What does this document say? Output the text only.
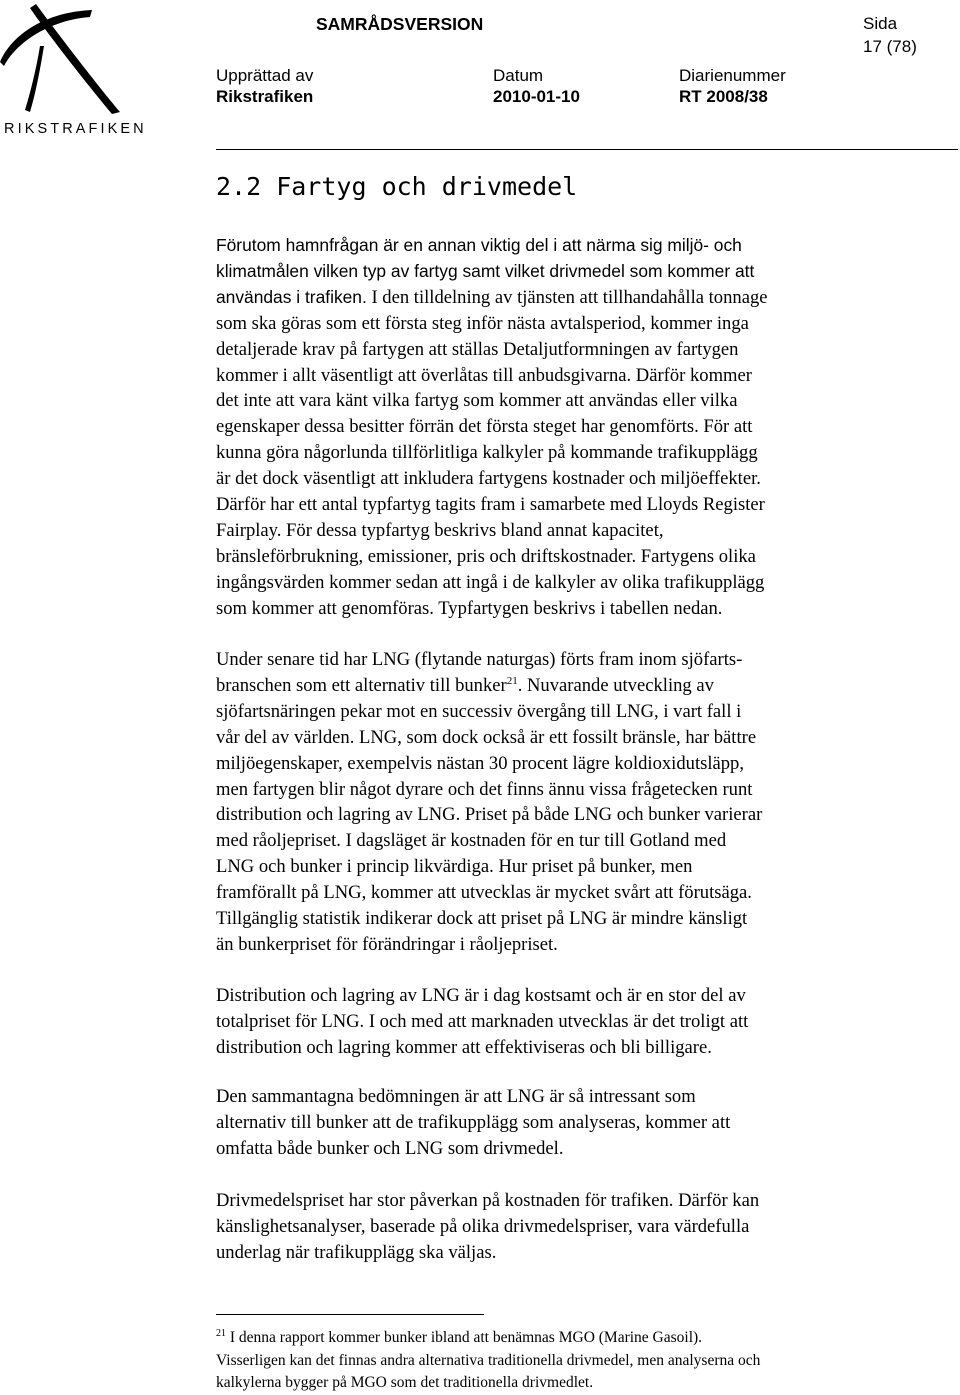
RIKSTRAFIKEN
SAMRÅDSVERSION	Sida
17 (78)
Upprättad av
Rikstrafiken
Datum
2010-01-10
Diarienummer
RT 2008/38
2.2 Fartyg och drivmedel

Förutom hamnfrågan är en annan viktig del i att närma sig miljö- och
klimatmålen vilken typ av fartyg samt vilket drivmedel som kommer att
användas i trafiken. I den tilldelning av tjänsten att tillhandahålla tonnage
som ska göras som ett första steg inför nästa avtalsperiod, kommer inga
detaljerade krav på fartygen att ställas Detaljutformningen av fartygen
kommer i allt väsentligt att överlåtas till anbudsgivarna. Därför kommer
det inte att vara känt vilka fartyg som kommer att användas eller vilka
egenskaper dessa besitter förrän det första steget har genomförts. För att
kunna göra någorlunda tillförlitliga kalkyler på kommande trafikupplägg
är det dock väsentligt att inkludera fartygens kostnader och miljöeffekter.
Därför har ett antal typfartyg tagits fram i samarbete med Lloyds Register
Fairplay. För dessa typfartyg beskrivs bland annat kapacitet,
bränsleförbrukning, emissioner, pris och driftskostnader. Fartygens olika
ingångsvärden kommer sedan att ingå i de kalkyler av olika trafikupplägg
som kommer att genomföras. Typfartygen beskrivs i tabellen nedan.

Under senare tid har LNG (flytande naturgas) förts fram inom sjöfarts-
branschen som ett alternativ till bunker$^{21}$. Nuvarande utveckling av
sjöfartsnäringen pekar mot en successiv övergång till LNG, i vart fall i
vår del av världen. LNG, som dock också är ett fossilt bränsle, har bättre
miljöegenskaper, exempelvis nästan 30 procent lägre koldioxidutsläpp,
men fartygen blir något dyrare och det finns ännu vissa frågetecken runt
distribution och lagring av LNG. Priset på både LNG och bunker varierar
med råoljepriset. I dagsläget är kostnaden för en tur till Gotland med
LNG och bunker i princip likvärdiga. Hur priset på bunker, men
framförallt på LNG, kommer att utvecklas är mycket svårt att förutsäga.
Tillgänglig statistik indikerar dock att priset på LNG är mindre känsligt
än bunkerpriset för förändringar i råoljepriset.

Distribution och lagring av LNG är i dag kostsamt och är en stor del av
totalpriset för LNG. I och med att marknaden utvecklas är det troligt att
distribution och lagring kommer att effektiviseras och bli billigare.

Den sammantagna bedömningen är att LNG är så intressant som
alternativ till bunker att de trafikupplägg som analyseras, kommer att
omfatta både bunker och LNG som drivmedel.

Drivmedelspriset har stor påverkan på kostnaden för trafiken. Därför kan
känslighetsanalyser, baserade på olika drivmedelspriser, vara värdefulla
underlag när trafikupplägg ska väljas.

$^{21}$ I denna rapport kommer bunker ibland att benämnas MGO (Marine Gasoil).
Visserligen kan det finnas andra alternativa traditionella drivmedel, men analyserna och
kalkylerna bygger på MGO som det traditionella drivmedlet.
